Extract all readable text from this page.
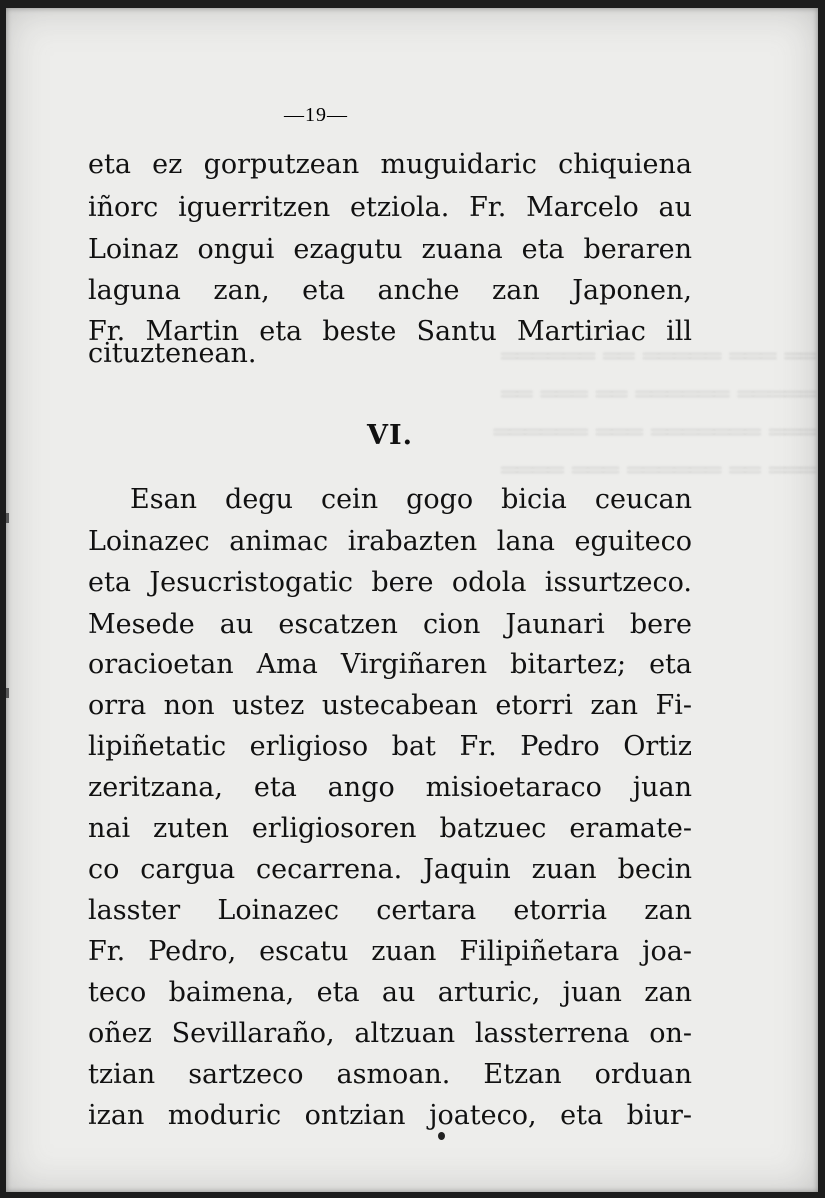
══ ═══ ═════ ══ ══════
═════ ══════ ══ ═══ ══
═══ ═══════ ═══ ══════
═══ ══ ══════ ═══ ════
—19—
eta ez gorputzean muguidaric chiquiena
iñorc iguerritzen etziola. Fr. Marcelo au
Loinaz ongui ezagutu zuana eta beraren
laguna zan, eta anche zan Japonen,
Fr. Martin eta beste Santu Martiriac ill
cituztenean.
VI.
Esan degu cein gogo bicia ceucan
Loinazec animac irabazten lana eguiteco
eta Jesucristogatic bere odola issurtzeco.
Mesede au escatzen cion Jaunari bere
oracioetan Ama Virgiñaren bitartez; eta
orra non ustez ustecabean etorri zan Fi-
lipiñetatic erligioso bat Fr. Pedro Ortiz
zeritzana, eta ango misioetaraco juan
nai zuten erligiosoren batzuec eramate-
co cargua cecarrena. Jaquin zuan becin
lasster Loinazec certara etorria zan
Fr. Pedro, escatu zuan Filipiñetara joa-
teco baimena, eta au arturic, juan zan
oñez Sevillaraño, altzuan lassterrena on-
tzian sartzeco asmoan. Etzan orduan
izan moduric ontzian joateco, eta biur-
